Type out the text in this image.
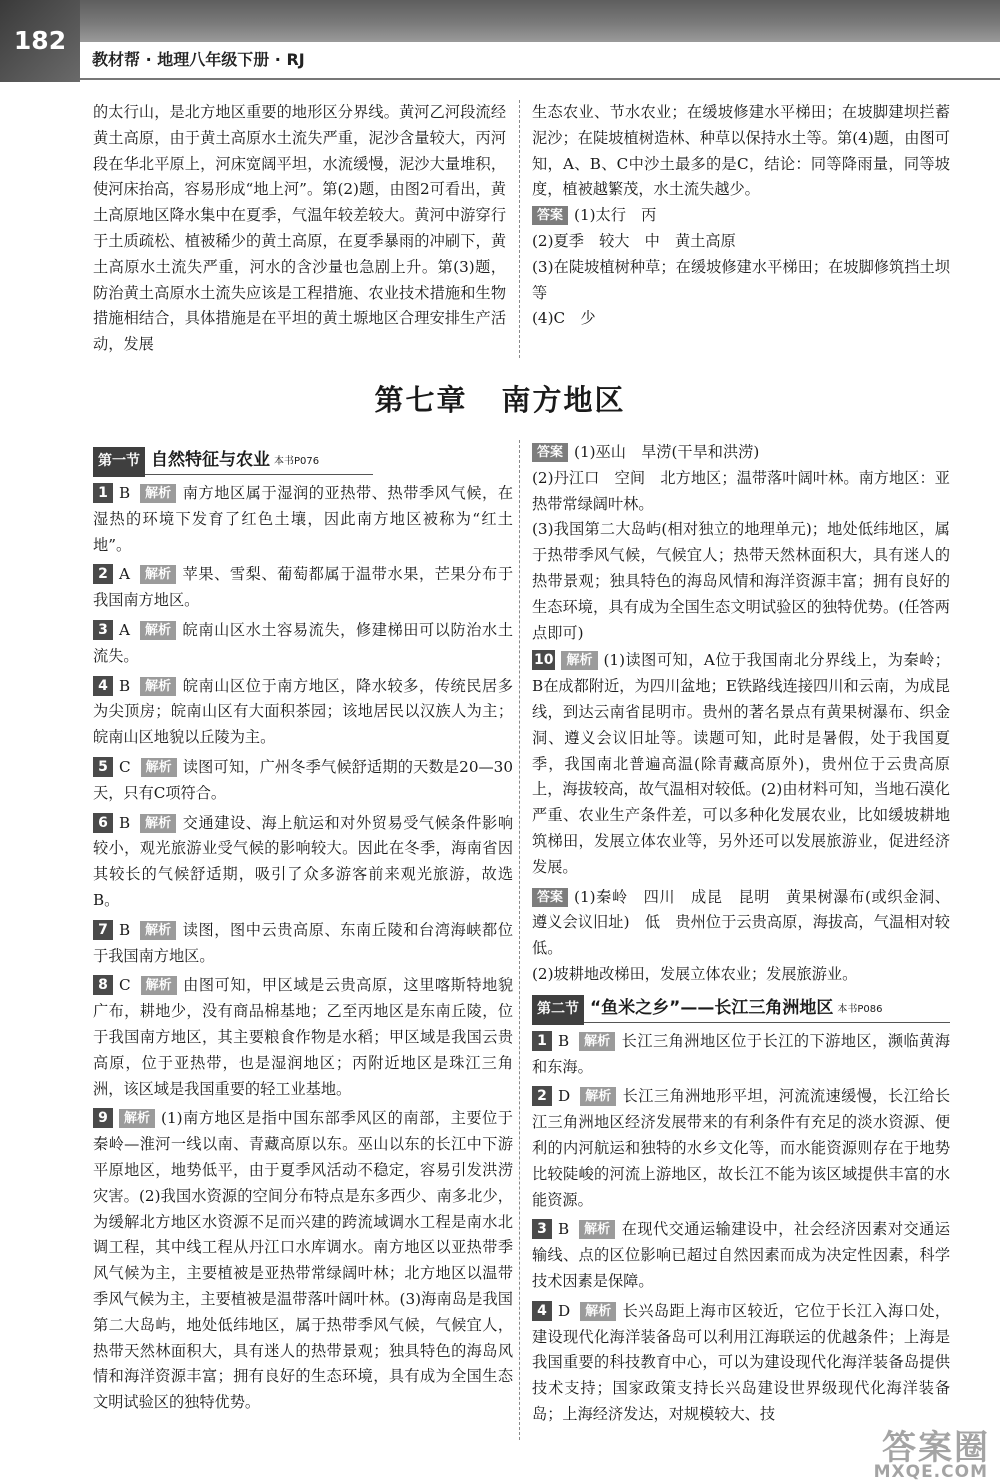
182
教材帮 · 地理八年级下册 · RJ

的太行山，是北方地区重要的地形区分界线。黄河乙河段流经黄土高原，由于黄土高原水土流失严重，泥沙含量较大，丙河段在华北平原上，河床宽阔平坦，水流缓慢，泥沙大量堆积，使河床抬高，容易形成“地上河”。第(2)题，由图2可看出，黄土高原地区降水集中在夏季，气温年较差较大。黄河中游穿行于土质疏松、植被稀少的黄土高原，在夏季暴雨的冲刷下，黄土高原水土流失严重，河水的含沙量也急剧上升。第(3)题，防治黄土高原水土流失应该是工程措施、农业技术措施和生物措施相结合，具体措施是在平坦的黄土塬地区合理安排生产活动，发展

生态农业、节水农业；在缓坡修建水平梯田；在坡脚建坝拦蓄泥沙；在陡坡植树造林、种草以保持水土等。第(4)题，由图可知，A、B、C中沙土最多的是C，结论：同等降雨量，同等坡度，植被越繁茂，水土流失越少。

答案 (1)太行　丙

(2)夏季　较大　中　黄土高原

(3)在陡坡植树种草；在缓坡修建水平梯田；在坡脚修筑挡土坝等

(4)C　少

第七章 南方地区
第一节 自然特征与农业 本书P076

1 B 解析 南方地区属于湿润的亚热带、热带季风气候，在湿热的环境下发育了红色土壤，因此南方地区被称为“红土地”。

2 A 解析 苹果、雪梨、葡萄都属于温带水果，芒果分布于我国南方地区。

3 A 解析 皖南山区水土容易流失，修建梯田可以防治水土流失。

4 B 解析 皖南山区位于南方地区，降水较多，传统民居多为尖顶房；皖南山区有大面积茶园；该地居民以汉族人为主；皖南山区地貌以丘陵为主。

5 C 解析 读图可知，广州冬季气候舒适期的天数是20—30天，只有C项符合。

6 B 解析 交通建设、海上航运和对外贸易受气候条件影响较小，观光旅游业受气候的影响较大。因此在冬季，海南省因其较长的气候舒适期，吸引了众多游客前来观光旅游，故选B。

7 B 解析 读图，图中云贵高原、东南丘陵和台湾海峡都位于我国南方地区。

8 C 解析 由图可知，甲区域是云贵高原，这里喀斯特地貌广布，耕地少，没有商品棉基地；乙至丙地区是东南丘陵，位于我国南方地区，其主要粮食作物是水稻；甲区域是我国云贵高原，位于亚热带，也是湿润地区；丙附近地区是珠江三角洲，该区域是我国重要的轻工业基地。

9 解析 (1)南方地区是指中国东部季风区的南部，主要位于秦岭—淮河一线以南、青藏高原以东。巫山以东的长江中下游平原地区，地势低平，由于夏季风活动不稳定，容易引发洪涝灾害。(2)我国水资源的空间分布特点是东多西少、南多北少，为缓解北方地区水资源不足而兴建的跨流域调水工程是南水北调工程，其中线工程从丹江口水库调水。南方地区以亚热带季风气候为主，主要植被是亚热带常绿阔叶林；北方地区以温带季风气候为主，主要植被是温带落叶阔叶林。(3)海南岛是我国第二大岛屿，地处低纬地区，属于热带季风气候，气候宜人，热带天然林面积大，具有迷人的热带景观；独具特色的海岛风情和海洋资源丰富；拥有良好的生态环境，具有成为全国生态文明试验区的独特优势。

答案 (1)巫山　旱涝(干旱和洪涝)

(2)丹江口　空间　北方地区；温带落叶阔叶林。南方地区：亚热带常绿阔叶林。

(3)我国第二大岛屿(相对独立的地理单元)；地处低纬地区，属于热带季风气候，气候宜人；热带天然林面积大，具有迷人的热带景观；独具特色的海岛风情和海洋资源丰富；拥有良好的生态环境，具有成为全国生态文明试验区的独特优势。(任答两点即可)

10 解析 (1)读图可知，A位于我国南北分界线上，为秦岭；B在成都附近，为四川盆地；E铁路线连接四川和云南，为成昆线，到达云南省昆明市。贵州的著名景点有黄果树瀑布、织金洞、遵义会议旧址等。读题可知，此时是暑假，处于我国夏季，我国南北普遍高温(除青藏高原外)，贵州位于云贵高原上，海拔较高，故气温相对较低。(2)由材料可知，当地石漠化严重、农业生产条件差，可以多种化发展农业，比如缓坡耕地筑梯田，发展立体农业等，另外还可以发展旅游业，促进经济发展。

答案 (1)秦岭　四川　成昆　昆明　黄果树瀑布(或织金洞、遵义会议旧址)　低　贵州位于云贵高原，海拔高，气温相对较低。

(2)坡耕地改梯田，发展立体农业；发展旅游业。

第二节 “鱼米之乡”——长江三角洲地区 本书P086

1 B 解析 长江三角洲地区位于长江的下游地区，濒临黄海和东海。

2 D 解析 长江三角洲地形平坦，河流流速缓慢，长江给长江三角洲地区经济发展带来的有利条件有充足的淡水资源、便利的内河航运和独特的水乡文化等，而水能资源则存在于地势比较陡峻的河流上游地区，故长江不能为该区域提供丰富的水能资源。

3 B 解析 在现代交通运输建设中，社会经济因素对交通运输线、点的区位影响已超过自然因素而成为决定性因素，科学技术因素是保障。

4 D 解析 长兴岛距上海市区较近，它位于长江入海口处，建设现代化海洋装备岛可以利用江海联运的优越条件；上海是我国重要的科技教育中心，可以为建设现代化海洋装备岛提供技术支持；国家政策支持长兴岛建设世界级现代化海洋装备岛；上海经济发达，对规模较大、技

答案圈
MXQE.COM
